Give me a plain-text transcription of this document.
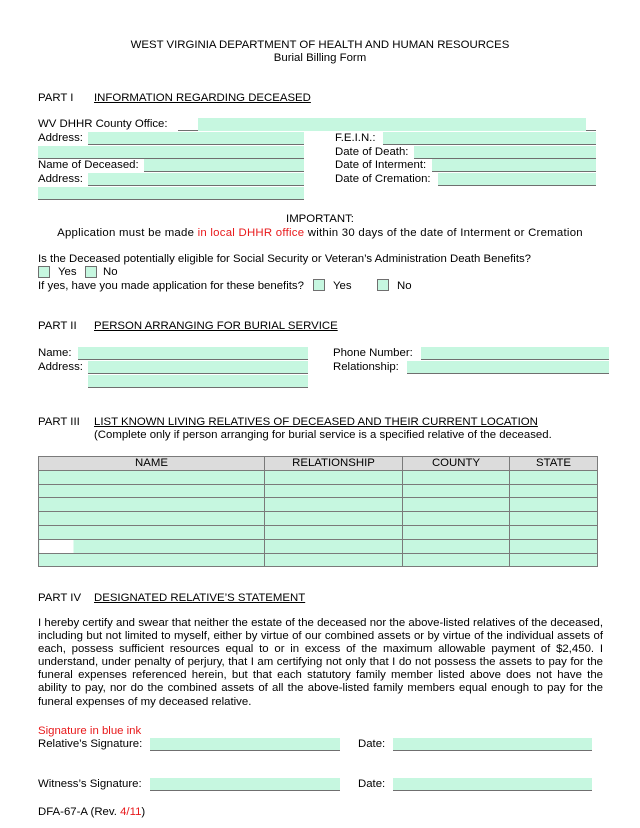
WEST VIRGINIA DEPARTMENT OF HEALTH AND HUMAN RESOURCES
Burial Billing Form
PART I INFORMATION REGARDING DECEASED
WV DHHR County Office:
Address:	F.E.I.N.:
Date of Death:
Name of Deceased:	Date of Interment:
Address:	Date of Cremation:
IMPORTANT:
Application must be made in local DHHR office within 30 days of the date of Interment or Cremation
Is the Deceased potentially eligible for Social Security or Veteran’s Administration Death Benefits?
Yes No
If yes, have you made application for these benefits?	Yes	No
PART II PERSON ARRANGING FOR BURIAL SERVICE
Name:	Phone Number:
Address:	Relationship:
PART III LIST KNOWN LIVING RELATIVES OF DECEASED AND THEIR CURRENT LOCATION
(Complete only if person arranging for burial service is a specified relative of the deceased.
NAME	RELATIONSHIP	COUNTY	STATE

PART IV DESIGNATED RELATIVE’S STATEMENT
I hereby certify and swear that neither the estate of the deceased nor the above-listed relatives of the deceased, including but not limited to myself, either by virtue of our combined assets or by virtue of the individual assets of each, possess sufficient resources equal to or in excess of the maximum allowable payment of $2,450. I understand, under penalty of perjury, that I am certifying not only that I do not possess the assets to pay for the funeral expenses referenced herein, but that each statutory family member listed above does not have the ability to pay, nor do the combined assets of all the above-listed family members equal enough to pay for the funeral expenses of my deceased relative.
Signature in blue ink
Relative’s Signature:	Date:
Witness’s Signature:	Date:
DFA-67-A (Rev. 4/11)
